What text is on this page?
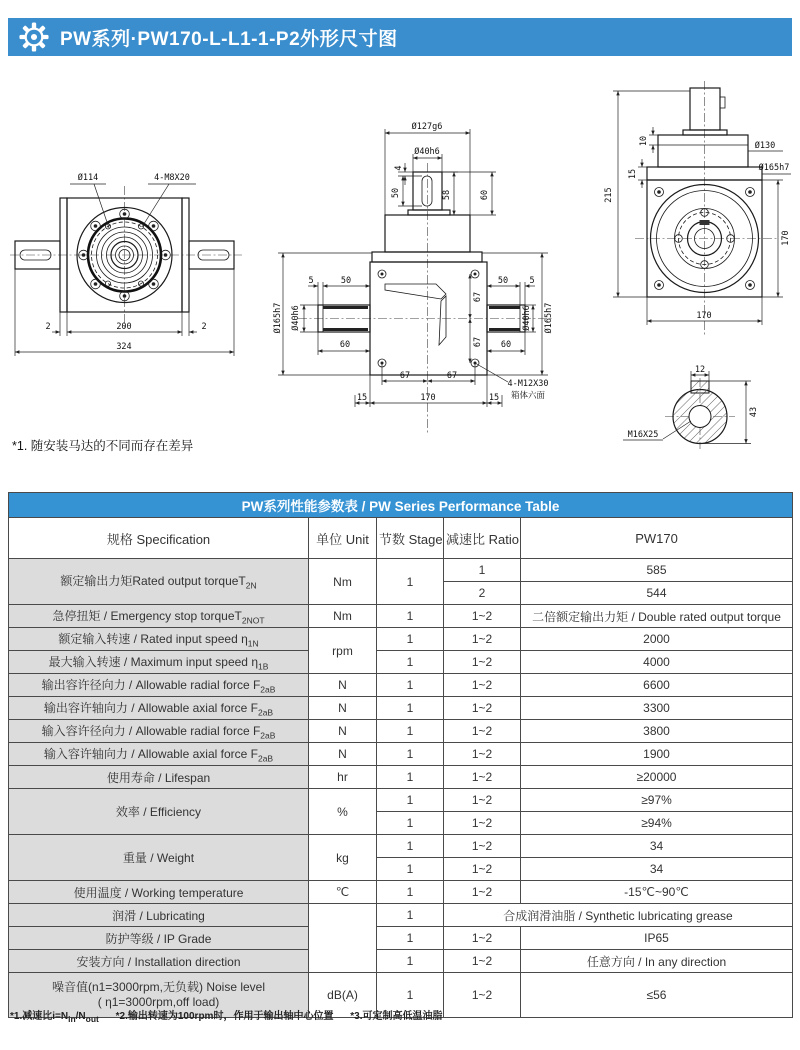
PW系列·PW170-L-L1-1-P2外形尺寸图
Ø114	4-M8X20
2	200	2
324
Ø127g6
Ø40h6
4
50	58	60
5	50	50	5
Ø40h6	Ø40h6
Ø165h7	Ø165h7
60	60
67
67
67	67
15	170	15
4-M12X30
箱体六面
215
10
15
Ø130
Ø165h7
170
170
12
43
M16X25
*1. 随安装马达的不同而存在差异
PW系列性能参数表 / PW Series Performance Table				
规格 Specification	单位 Unit	节数 Stage	减速比 Ratio	PW170
额定输出力矩Rated output torqueT$_{2N}$	Nm	1	1	585
			2	544
急停扭矩 / Emergency stop torqueT$_{2NOT}$	Nm	1	1~2	二倍额定输出力矩 / Double rated output torque
额定输入转速 / Rated input speed $\eta_{1N}$	rpm	1	1~2	2000
最大输入转速 / Maximum input speed $\eta_{1B}$		1	1~2	4000
输出容许径向力 / Allowable radial force $F_{2aB}$	N	1	1~2	6600
输出容许轴向力 / Allowable axial force $F_{2aB}$	N	1	1~2	3300
输入容许径向力 / Allowable radial force $F_{2aB}$	N	1	1~2	3800
输入容许轴向力 / Allowable axial force $F_{2aB}$	N	1	1~2	1900
使用寿命 / Lifespan	hr	1	1~2	≥20000
效率 / Efficiency	%	1	1~2	≥97%
		1	1~2	≥94%
重量 / Weight	kg	1	1~2	34
		1	1~2	34
使用温度 / Working temperature	℃	1	1~2	-15℃~90℃
润滑 / Lubricating		1	合成润滑油脂 / Synthetic lubricating grease	
防护等级 / IP Grade		1	1~2	IP65
安装方向 / Installation direction		1	1~2	任意方向 / In any direction
噪音值(n1=3000rpm,无负载) Noise level
( η1=3000rpm,off load)	dB(A)	1	1~2	≤56
*1.减速比$i=N_{in}/N_{out}$ *2.输出转速为100rpm时，作用于输出轴中心位置 *3.可定制高低温油脂
